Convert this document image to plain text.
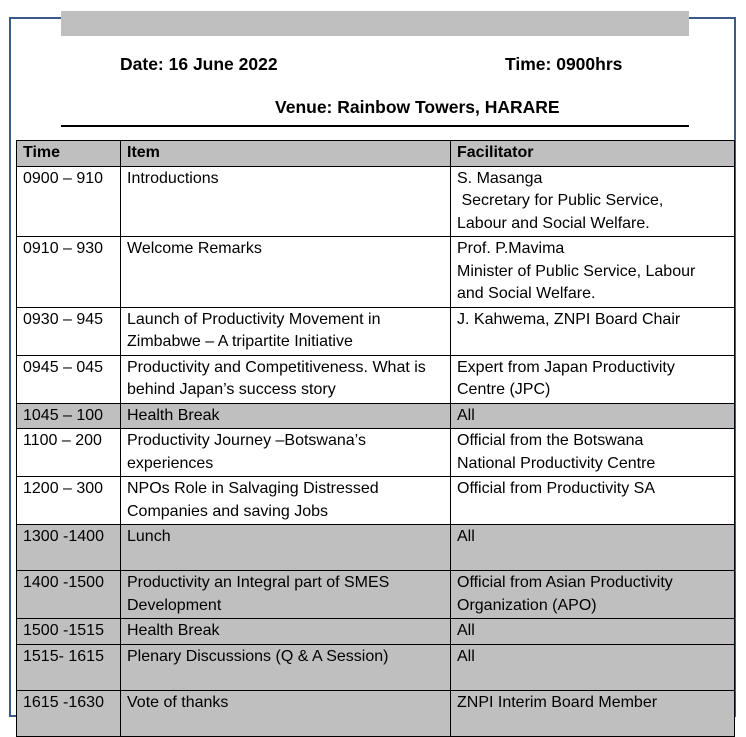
Date: 16 June 2022	Time: 0900hrs
Venue: Rainbow Towers, HARARE
Time	Item	Facilitator
0900 – 910	Introductions	S. Masanga
Secretary for Public Service,
Labour and Social Welfare.

0910 – 930	Welcome Remarks	Prof. P.Mavima
Minister of Public Service, Labour
and Social Welfare.

0930 – 945	Launch of Productivity Movement in Zimbabwe – A tripartite Initiative	J. Kahwema, ZNPI Board Chair

0945 – 045	Productivity and Competitiveness. What is behind Japan’s success story	Expert from Japan Productivity
Centre (JPC)

1045 – 100	Health Break	All

1100 – 200	Productivity Journey –Botswana’s experiences	Official from the Botswana
National Productivity Centre

1200 – 300	NPOs Role in Salvaging Distressed Companies and saving Jobs	Official from Productivity SA

1300 -1400	Lunch	All

1400 -1500	Productivity an Integral part of SMES Development	Official from Asian Productivity
Organization (APO)

1500 -1515	Health Break	All

1515- 1615	Plenary Discussions (Q & A Session)	All

1615 -1630	Vote of thanks	ZNPI Interim Board Member
